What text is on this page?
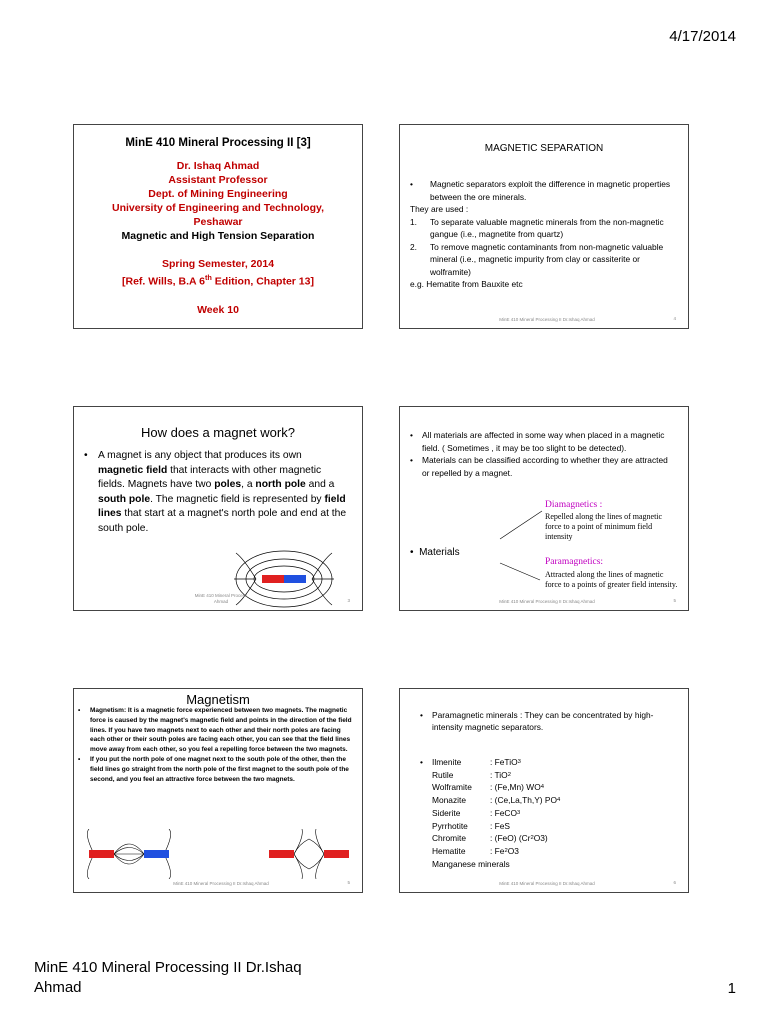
4/17/2014
MinE 410 Mineral Processing II [3]
Dr. Ishaq Ahmad
Assistant Professor
Dept. of Mining Engineering
University of Engineering and Technology,
Peshawar
Magnetic and High Tension Separation
Spring Semester, 2014
[Ref. Wills, B.A 6th Edition, Chapter 13]
Week 10
MAGNETIC SEPARATION
•	Magnetic separators exploit the difference in magnetic properties between the ore minerals.
They are used :
1.	To separate valuable magnetic minerals from the non-magnetic gangue (i.e., magnetite from quartz)
2.	To remove magnetic contaminants from non-magnetic valuable mineral (i.e., magnetic impurity from clay or cassiterite or wolframite)
e.g. Hematite from Bauxite etc
MinE 410 Mineral Processing II Dr.Ishaq Ahmad	4
How does a magnet work?
•	A magnet is any object that produces its own magnetic field that interacts with other magnetic fields. Magnets have two poles, a north pole and a south pole. The magnetic field is represented by field lines that start at a magnet's north pole and end at the south pole.
MinE 410 Mineral Process
Ahmad	3
•	All materials are affected in some way when placed in a magnetic field. ( Sometimes , it may be too slight to be detected).
•	Materials can be classified according to whether they are attracted or repelled by a magnet.
•  Materials
Diamagnetics :
Repelled along the lines of magnetic force to a point of minimum field intensity
Paramagnetics:
Attracted along the lines of magnetic force to a points of greater field intensity.
MinE 410 Mineral Processing II Dr.Ishaq Ahmad	5
Magnetism
•	Magnetism: It is a magnetic force experienced between two magnets. The magnetic force is caused by the magnet's magnetic field and points in the direction of the field lines. If you have two magnets next to each other and their north poles are facing each other or their south poles are facing each other, you can see that the field lines move away from each other, so you feel a repelling force between the two magnets.
•	If you put the north pole of one magnet next to the south pole of the other, then the field lines go straight from the north pole of the first magnet to the south pole of the second, and you feel an attractive force between the two magnets.
MinE 410 Mineral Processing II Dr.Ishaq Ahmad	5
•	Paramagnetic minerals : They can be concentrated by high-intensity magnetic separators.
•	Ilmenite	: FeTiO 3
Rutile	: TiO 2
Wolframite	: (Fe,Mn) WO 4
Monazite	: (Ce,La,Th,Y) PO 4
Siderite	: FeCO 3
Pyrrhotite	: FeS
Chromite	: (FeO) (Cr 2 O3)
Hematite	: Fe 2 O3
Manganese minerals
MinE 410 Mineral Processing II Dr.Ishaq Ahmad	6
MinE 410 Mineral Processing II Dr.Ishaq
Ahmad	1
